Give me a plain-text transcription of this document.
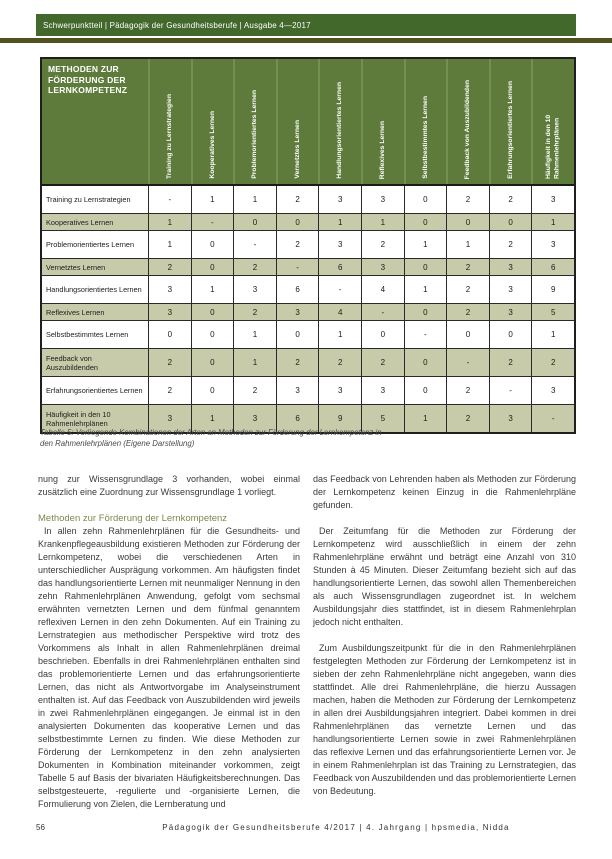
Schwerpunktteil | Pädagogik der Gesundheitsberufe | Ausgabe 4—2017
METHODEN ZUR FÖRDERUNG DER LERNKOMPETENZ
Training zu Lernstrategien	Kooperatives Lernen	Problemorientiertes Lernen	Vernetztes Lernen	Handlungsorientiertes Lernen	Reflexives Lernen	Selbstbestimmtes Lernen	Feedback von Auszubildenden	Erfahrungsorientiertes Lernen	Häufigkeit in den 10 Rahmenlehrplänen
Training zu Lernstrategien	-	1	1	2	3	3	0	2	2	3
Kooperatives Lernen	1	-	0	0	1	1	0	0	0	1
Problemorientiertes Lernen	1	0	-	2	3	2	1	1	2	3
Vernetztes Lernen	2	0	2	-	6	3	0	2	3	6
Handlungsorientiertes Lernen	3	1	3	6	-	4	1	2	3	9
Reflexives Lernen	3	0	2	3	4	-	0	2	3	5
Selbstbestimmtes Lernen	0	0	1	0	1	0	-	0	0	1
Feedback von Auszubildenden	2	0	1	2	2	2	0	-	2	2
Erfahrungsorientiertes Lernen	2	0	2	3	3	3	0	2	-	3
Häufigkeit in den 10 Rahmenlehrplänen	3	1	3	6	9	5	1	2	3	-
Tabelle 5: Vorliegende Kombinationen der Arten an Methoden zur Förderung der Lernkompetenz in den Rahmenlehrplänen (Eigene Darstellung)

nung zur Wissensgrundlage 3 vorhanden, wobei einmal zusätzlich eine Zuordnung zur Wissensgrundlage 1 vorliegt.

Methoden zur Förderung der Lernkompetenz

In allen zehn Rahmenlehrplänen für die Gesundheits- und Krankenpflegeausbildung existieren Methoden zur Förderung der Lernkompetenz, wobei die verschiedenen Arten in unterschiedlicher Ausprägung vorkommen. Am häufigsten findet das handlungsorientierte Lernen mit neunmaliger Nennung in den zehn Rahmenlehrplänen Anwendung, gefolgt vom sechsmal erwähnten vernetzten Lernen und dem fünfmal genanntem reflexiven Lernen in den zehn Dokumenten. Auf ein Training zu Lernstrategien aus methodischer Perspektive wird trotz des Vorkommens als Inhalt in allen Rahmenlehrplänen dreimal beschrieben. Ebenfalls in drei Rahmenlehrplänen enthalten sind das problemorientierte Lernen und das erfahrungsorientierte Lernen, das nicht als Antwortvorgabe im Analyseinstrument enthalten ist. Auf das Feedback von Auszubildenden wird jeweils in zwei Rahmenlehrplänen eingegangen. Je einmal ist in den analysierten Dokumenten das kooperative Lernen und das selbstbestimmte Lernen zu finden. Wie diese Methoden zur Förderung der Lernkompetenz in den zehn analysierten Dokumenten in Kombination miteinander vorkommen, zeigt Tabelle 5 auf Basis der bivariaten Häufigkeitsberechnungen. Das selbstgesteuerte, -regulierte und -organisierte Lernen, die Formulierung von Zielen, die Lernberatung und

das Feedback von Lehrenden haben als Methoden zur Förderung der Lernkompetenz keinen Einzug in die Rahmenlehrpläne gefunden.

Der Zeitumfang für die Methoden zur Förderung der Lernkompetenz wird ausschließlich in einem der zehn Rahmenlehrpläne erwähnt und beträgt eine Anzahl von 310 Stunden à 45 Minuten. Dieser Zeitumfang bezieht sich auf das handlungsorientierte Lernen, das sowohl allen Themenbereichen als auch Wissensgrundlagen zugeordnet ist. In welchem Ausbildungsjahr dies stattfindet, ist in diesem Rahmenlehrplan jedoch nicht enthalten.

Zum Ausbildungszeitpunkt für die in den Rahmenlehrplänen festgelegten Methoden zur Förderung der Lernkompetenz ist in sieben der zehn Rahmenlehrpläne nicht angegeben, wann dies stattfindet. Alle drei Rahmenlehrpläne, die hierzu Aussagen machen, haben die Methoden zur Förderung der Lernkompetenz in allen drei Ausbildungsjahren integriert. Dabei kommen in drei Rahmenlehrplänen das vernetzte Lernen und das handlungsorientierte Lernen sowie in zwei Rahmenlehrplänen das reflexive Lernen und das erfahrungsorientierte Lernen vor. Je in einem Rahmenlehrplan ist das Training zu Lernstrategien, das Feedback von Auszubildenden und das problemorientierte Lernen von Bedeutung.

56	Pädagogik der Gesundheitsberufe 4/2017 | 4. Jahrgang | hpsmedia, Nidda
